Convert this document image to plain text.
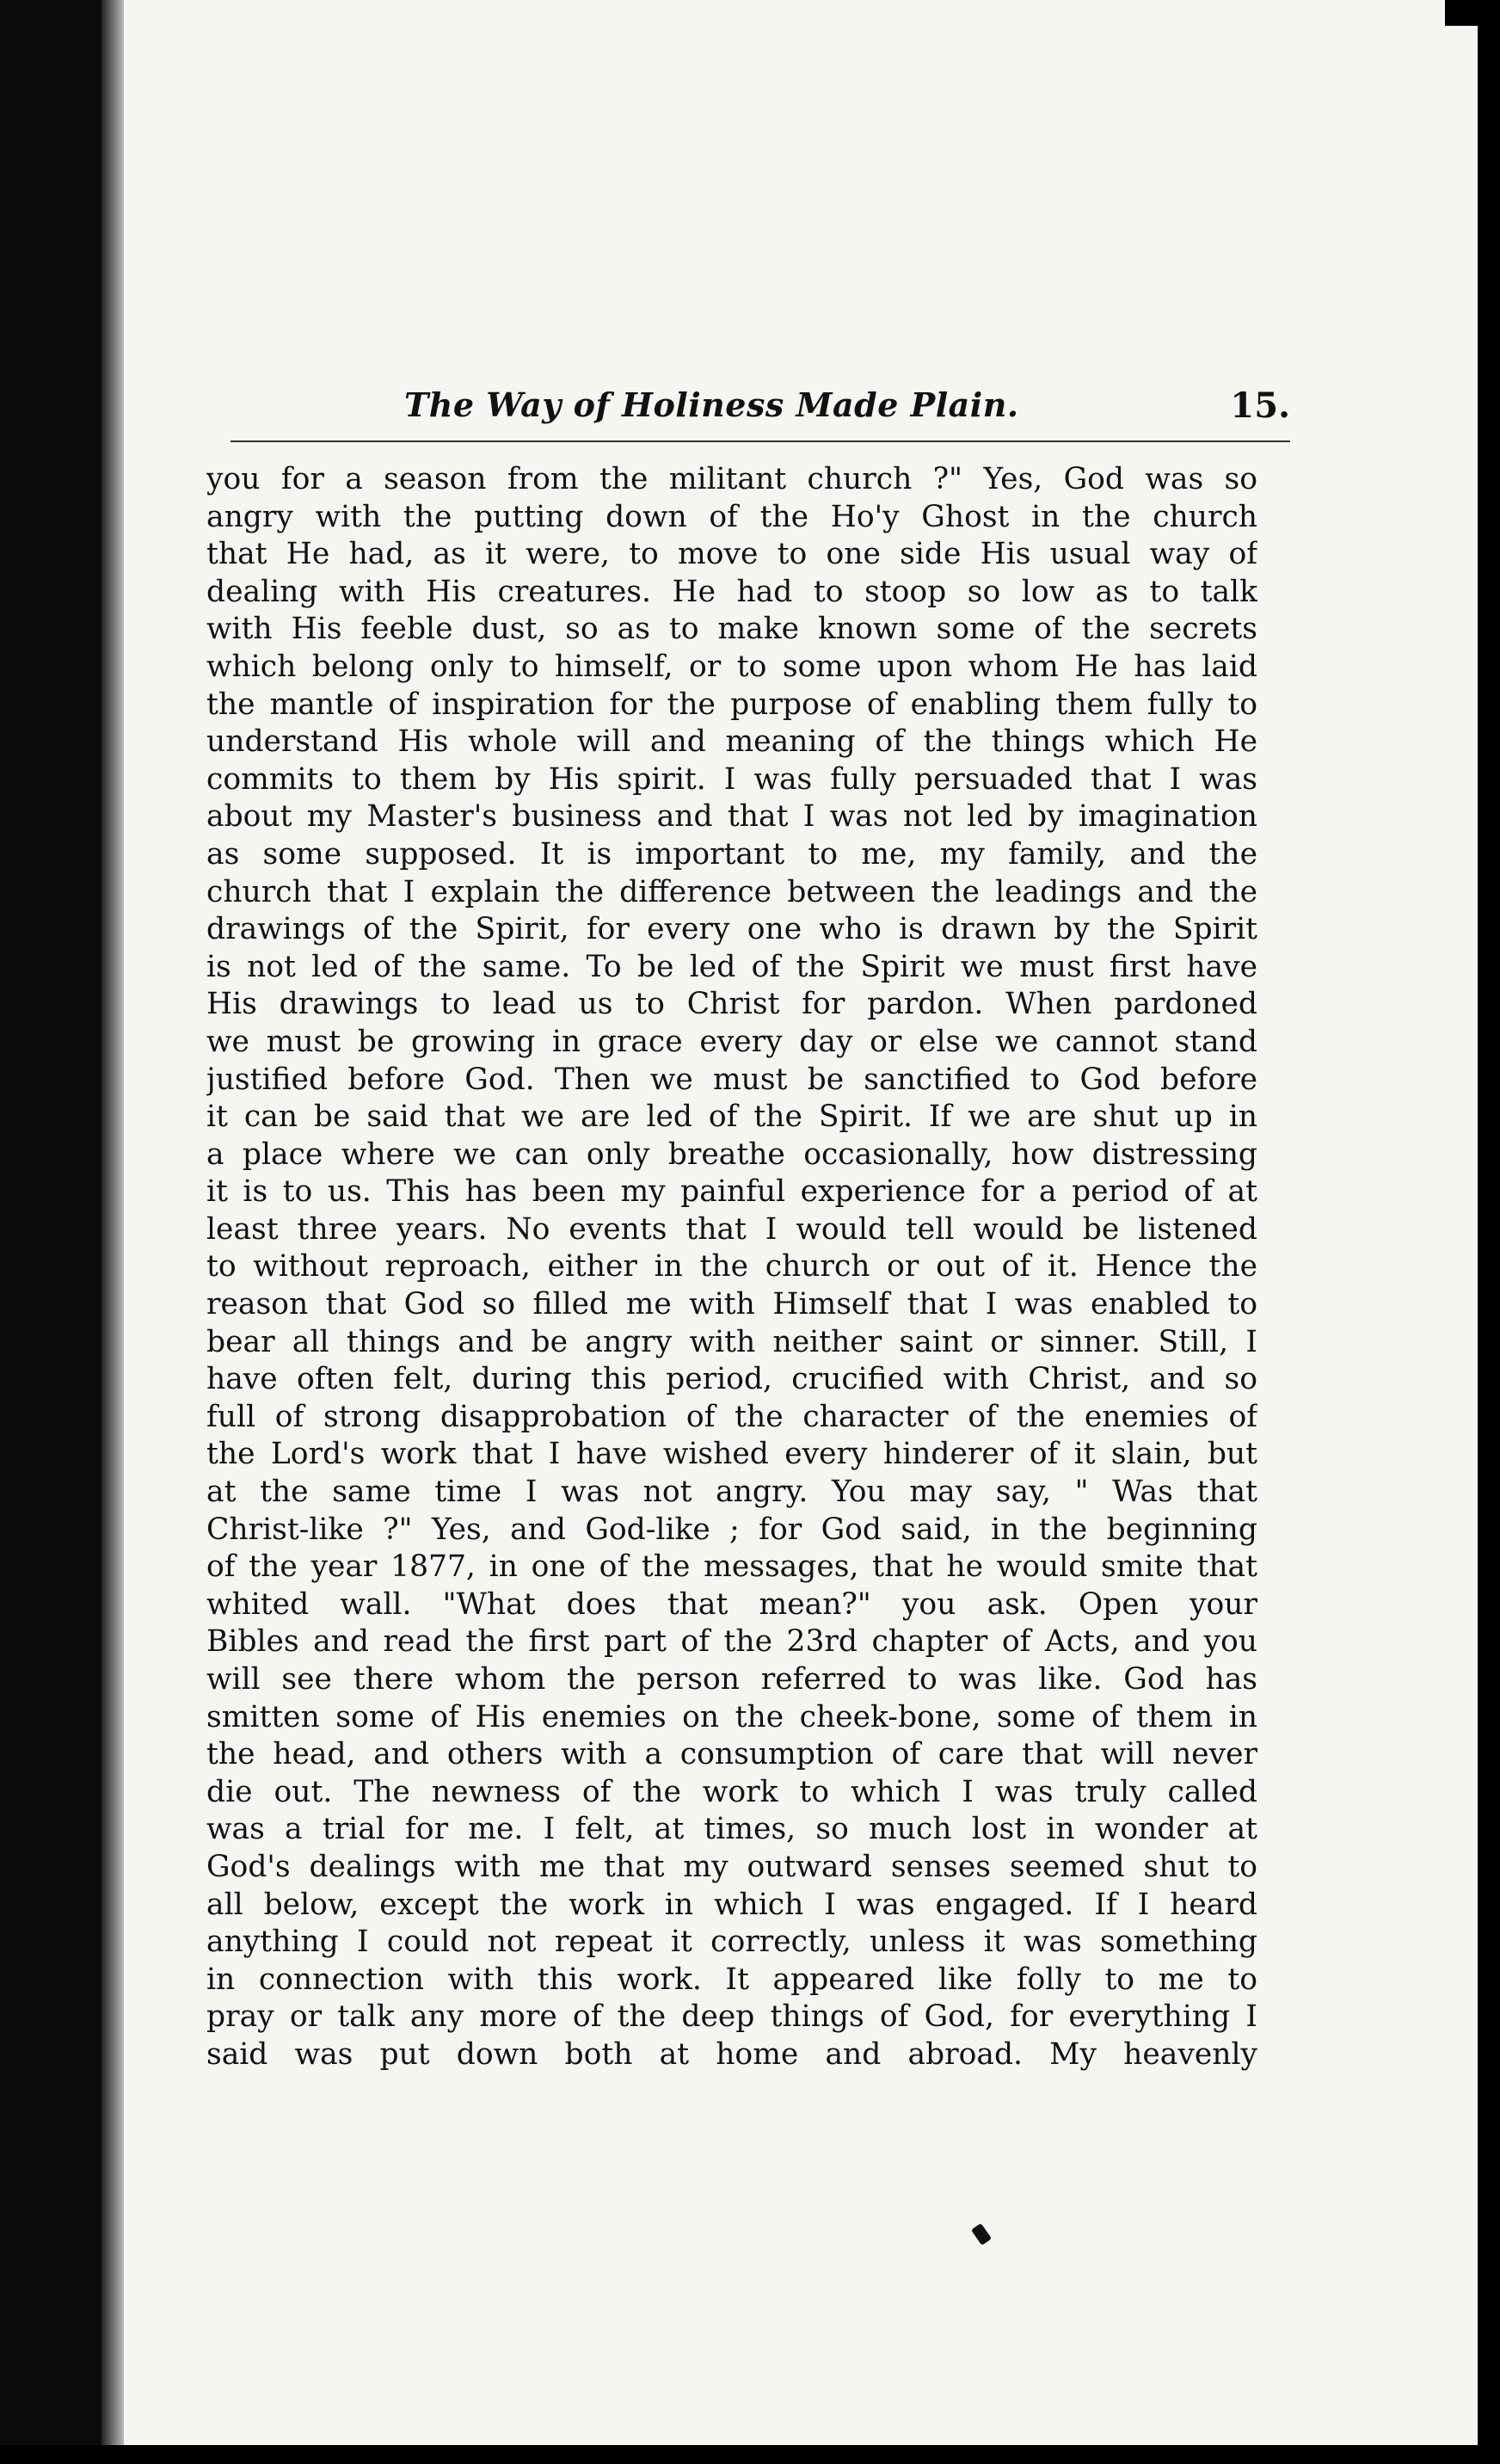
The Way of Holiness Made Plain.	15.
you for a season from the militant church ?" Yes, God was so
angry with the putting down of the Ho'y Ghost in the church
that He had, as it were, to move to one side His usual way of
dealing with His creatures. He had to stoop so low as to talk
with His feeble dust, so as to make known some of the secrets
which belong only to himself, or to some upon whom He has laid
the mantle of inspiration for the purpose of enabling them fully to
understand His whole will and meaning of the things which He
commits to them by His spirit. I was fully persuaded that I was
about my Master's business and that I was not led by imagination
as some supposed. It is important to me, my family, and the
church that I explain the difference between the leadings and the
drawings of the Spirit, for every one who is drawn by the Spirit
is not led of the same. To be led of the Spirit we must first have
His drawings to lead us to Christ for pardon. When pardoned
we must be growing in grace every day or else we cannot stand
justified before God. Then we must be sanctified to God before
it can be said that we are led of the Spirit. If we are shut up in
a place where we can only breathe occasionally, how distressing
it is to us. This has been my painful experience for a period of at
least three years. No events that I would tell would be listened
to without reproach, either in the church or out of it. Hence the
reason that God so filled me with Himself that I was enabled to
bear all things and be angry with neither saint or sinner. Still, I
have often felt, during this period, crucified with Christ, and so
full of strong disapprobation of the character of the enemies of
the Lord's work that I have wished every hinderer of it slain, but
at the same time I was not angry. You may say, " Was that
Christ-like ?" Yes, and God-like ; for God said, in the beginning
of the year 1877, in one of the messages, that he would smite that
whited wall. "What does that mean?" you ask. Open your
Bibles and read the first part of the 23rd chapter of Acts, and you
will see there whom the person referred to was like. God has
smitten some of His enemies on the cheek-bone, some of them in
the head, and others with a consumption of care that will never
die out. The newness of the work to which I was truly called
was a trial for me. I felt, at times, so much lost in wonder at
God's dealings with me that my outward senses seemed shut to
all below, except the work in which I was engaged. If I heard
anything I could not repeat it correctly, unless it was something
in connection with this work. It appeared like folly to me to
pray or talk any more of the deep things of God, for everything I
said was put down both at home and abroad. My heavenly
